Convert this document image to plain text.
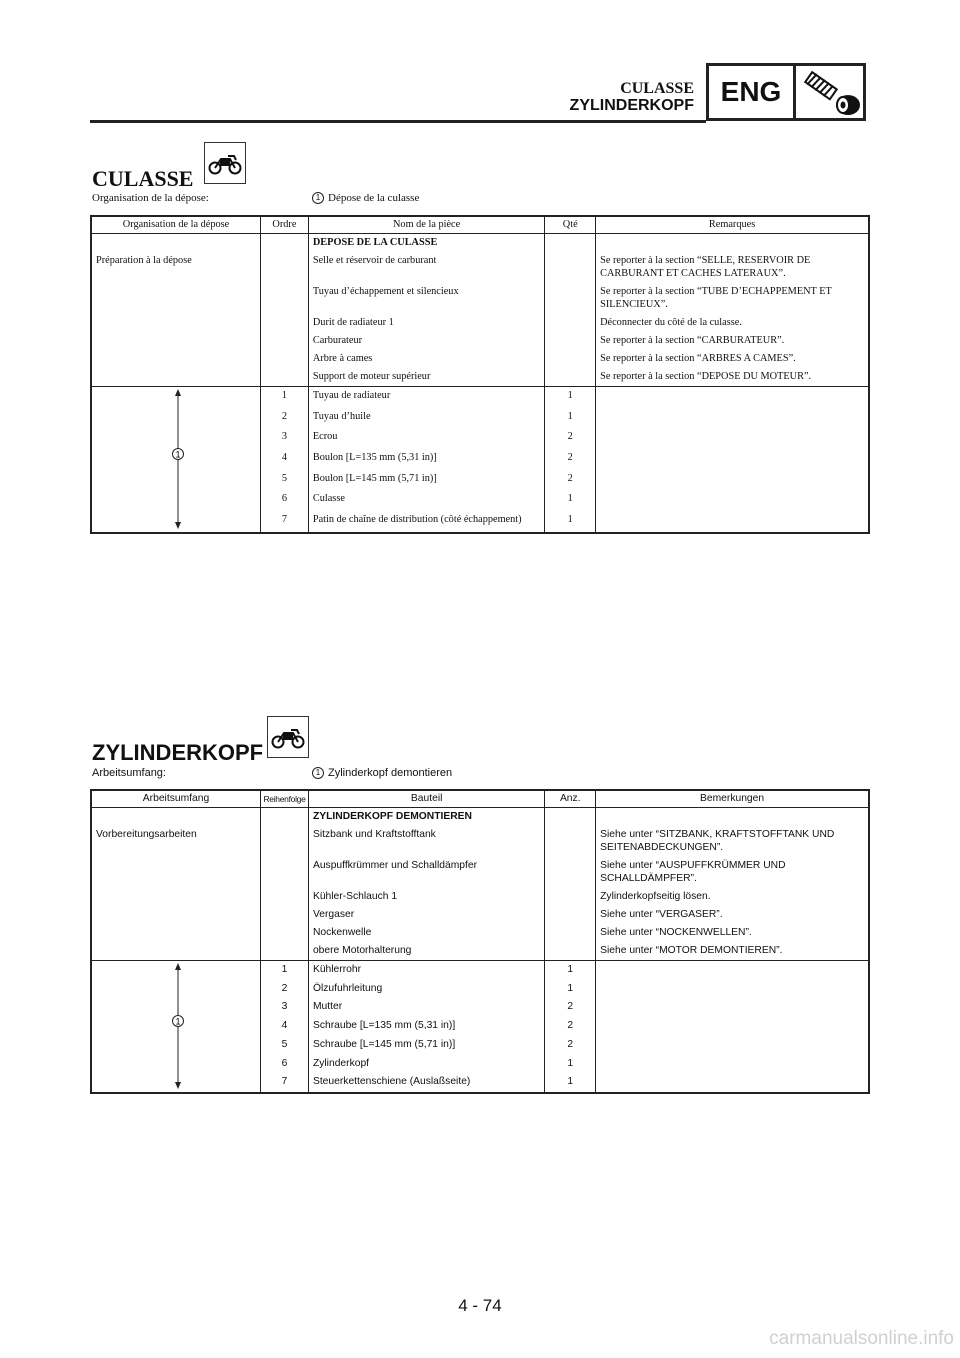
CULASSE
ZYLINDERKOPF ENG
CULASSE
Organisation de la dépose:	1 Dépose de la culasse
Organisation de la dépose	Ordre	Nom de la pièce	Qté	Remarques
		DEPOSE DE LA CULASSE		
Préparation à la dépose		Selle et réservoir de carburant		Se reporter à la section “SELLE, RESERVOIR DE CARBURANT ET CACHES LATERAUX”.
		Tuyau d’échappement et silencieux		Se reporter à la section “TUBE D’ECHAPPEMENT ET SILENCIEUX”.
		Durit de radiateur 1		Déconnecter du côté de la culasse.
		Carburateur		Se reporter à la section “CARBURATEUR”.
		Arbre à cames		Se reporter à la section “ARBRES A CAMES”.
		Support de moteur supérieur		Se reporter à la section “DEPOSE DU MOTEUR”.

1	1	Tuyau de radiateur	1	
	2	Tuyau d’huile	1	
	3	Ecrou	2	
	4	Boulon [L=135 mm (5,31 in)]	2	
	5	Boulon [L=145 mm (5,71 in)]	2	
	6	Culasse	1	
	7	Patin de chaîne de distribution (côté échappement)	1	
ZYLINDERKOPF
Arbeitsumfang:	1 Zylinderkopf demontieren
Arbeitsumfang	Reihenfolge	Bauteil	Anz.	Bemerkungen
		ZYLINDERKOPF DEMONTIEREN		
Vorbereitungsarbeiten		Sitzbank und Kraftstofftank		Siehe unter “SITZBANK, KRAFTSTOFFTANK UND SEITENABDECKUNGEN”.
		Auspuffkrümmer und Schalldämpfer		Siehe unter “AUSPUFFKRÜMMER UND SCHALLDÄMPFER”.
		Kühler-Schlauch 1		Zylinderkopfseitig lösen.
		Vergaser		Siehe unter “VERGASER”.
		Nockenwelle		Siehe unter “NOCKENWELLEN”.
		obere Motorhalterung		Siehe unter “MOTOR DEMONTIEREN”.

1	1	Kühlerrohr	1	
	2	Ölzufuhrleitung	1	
	3	Mutter	2	
	4	Schraube [L=135 mm (5,31 in)]	2	
	5	Schraube [L=145 mm (5,71 in)]	2	
	6	Zylinderkopf	1	
	7	Steuerkettenschiene (Auslaßseite)	1	
4 - 74
carmanualsonline.info
